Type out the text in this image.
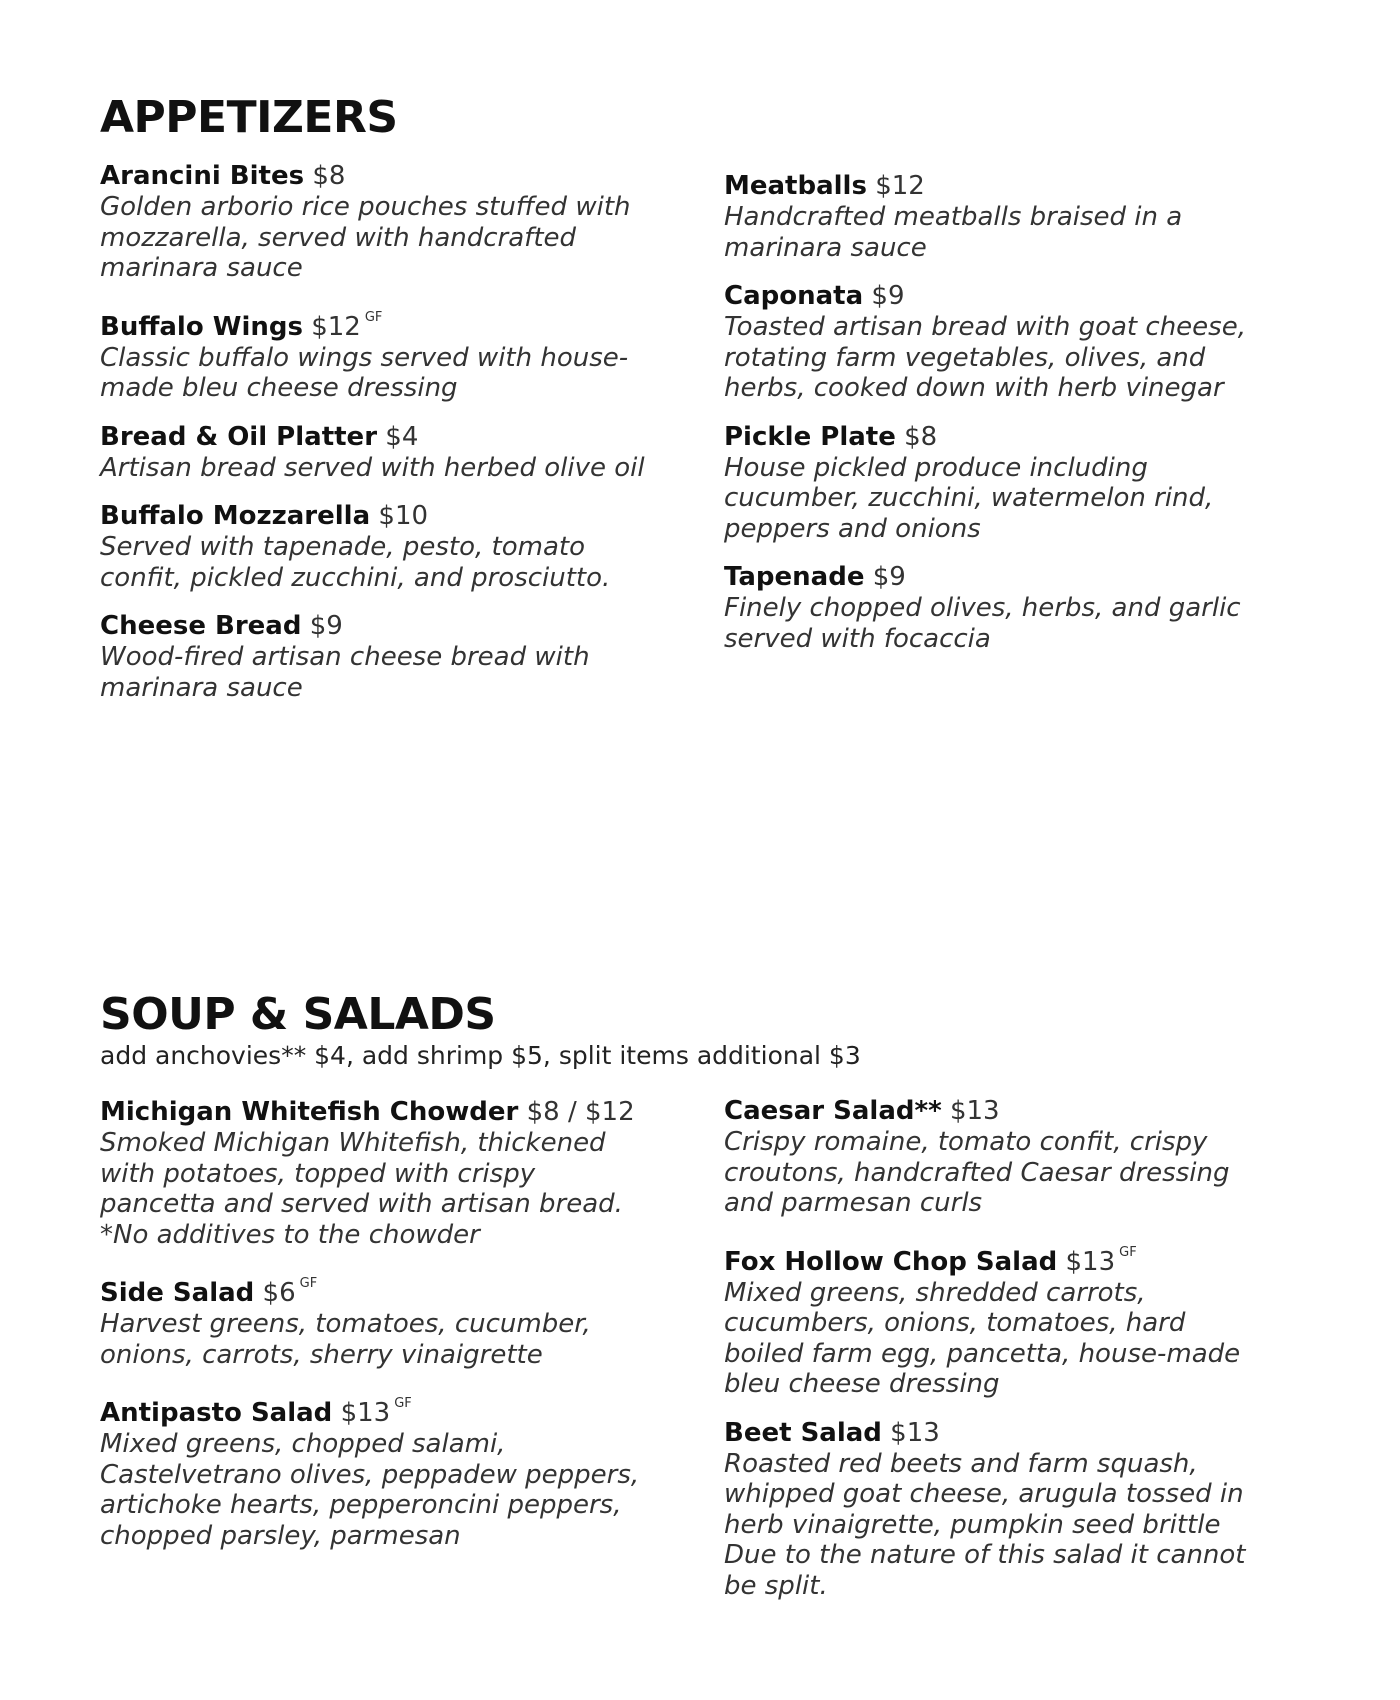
APPETIZERS
Arancini Bites $8
Golden arborio rice pouches stuffed with
mozzarella, served with handcrafted
marinara sauce
Buffalo Wings $12 $^{GF}$
Classic buffalo wings served with house-
made bleu cheese dressing
Bread & Oil Platter $4
Artisan bread served with herbed olive oil
Buffalo Mozzarella $10
Served with tapenade, pesto, tomato
confit, pickled zucchini, and prosciutto.
Cheese Bread $9
Wood-fired artisan cheese bread with
marinara sauce
Meatballs $12
Handcrafted meatballs braised in a
marinara sauce
Caponata $9
Toasted artisan bread with goat cheese,
rotating farm vegetables, olives, and
herbs, cooked down with herb vinegar
Pickle Plate $8
House pickled produce including
cucumber, zucchini, watermelon rind,
peppers and onions
Tapenade $9
Finely chopped olives, herbs, and garlic
served with focaccia
SOUP & SALADS
add anchovies** $4, add shrimp $5, split items additional $3
Michigan Whitefish Chowder $8 / $12
Smoked Michigan Whitefish, thickened
with potatoes, topped with crispy
pancetta and served with artisan bread.
*No additives to the chowder
Side Salad $6 $^{GF}$
Harvest greens, tomatoes, cucumber,
onions, carrots, sherry vinaigrette
Antipasto Salad $13 $^{GF}$
Mixed greens, chopped salami,
Castelvetrano olives, peppadew peppers,
artichoke hearts, pepperoncini peppers,
chopped parsley, parmesan
Caesar Salad** $13
Crispy romaine, tomato confit, crispy
croutons, handcrafted Caesar dressing
and parmesan curls
Fox Hollow Chop Salad $13 $^{GF}$
Mixed greens, shredded carrots,
cucumbers, onions, tomatoes, hard
boiled farm egg, pancetta, house-made
bleu cheese dressing
Beet Salad $13
Roasted red beets and farm squash,
whipped goat cheese, arugula tossed in
herb vinaigrette, pumpkin seed brittle
Due to the nature of this salad it cannot
be split.
